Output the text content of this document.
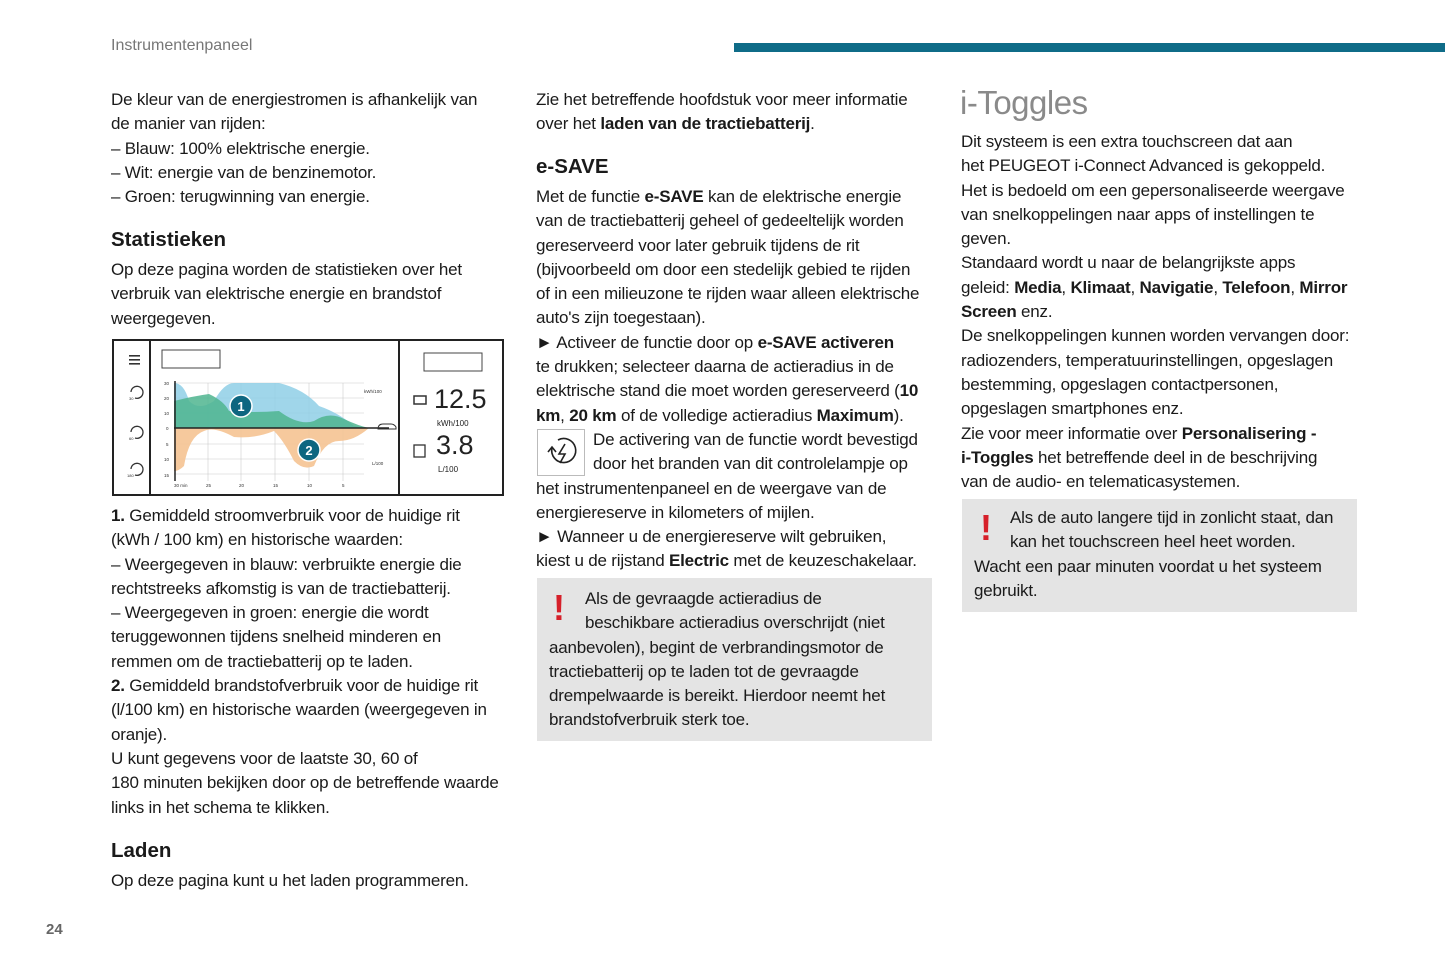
Instrumentenpaneel
24

De kleur van de energiestromen is afhankelijk van

de manier van rijden:

– Blauw: 100% elektrische energie.

– Wit: energie van de benzinemotor.

– Groen: terugwinning van energie.

Statistieken

Op deze pagina worden de statistieken over het

verbruik van elektrische energie en brandstof

weergegeven.

30
60
180
30
20
10
0
5
10
15
30 min	25	20	15	10	5
kWh/100
L/100
1
2
12.5
kWh/100
3.8
L/100

1. Gemiddeld stroomverbruik voor de huidige rit

(kWh / 100 km) en historische waarden:

– Weergegeven in blauw: verbruikte energie die

rechtstreeks afkomstig is van de tractiebatterij.

– Weergegeven in groen: energie die wordt

teruggewonnen tijdens snelheid minderen en

remmen om de tractiebatterij op te laden.

2. Gemiddeld brandstofverbruik voor de huidige rit

(l/100 km) en historische waarden (weergegeven in

oranje).

U kunt gegevens voor de laatste 30, 60 of

180 minuten bekijken door op de betreffende waarde

links in het schema te klikken.

Laden
Op deze pagina kunt u het laden programmeren.

Zie het betreffende hoofdstuk voor meer informatie

over het laden van de tractiebatterij.

e-SAVE

Met de functie e-SAVE kan de elektrische energie

van de tractiebatterij geheel of gedeeltelijk worden

gereserveerd voor later gebruik tijdens de rit

(bijvoorbeeld om door een stedelijk gebied te rijden

of in een milieuzone te rijden waar alleen elektrische

auto's zijn toegestaan).

► Activeer de functie door op e-SAVE activeren

te drukken; selecteer daarna de actieradius in de

elektrische stand die moet worden gereserveerd (10

km, 20 km of de volledige actieradius Maximum).

De activering van de functie wordt bevestigd

door het branden van dit controlelampje op

het instrumentenpaneel en de weergave van de

energiereserve in kilometers of mijlen.

► Wanneer u de energiereserve wilt gebruiken,

kiest u de rijstand Electric met de keuzeschakelaar.

!	Als de gevraagde actieradius de

beschikbare actieradius overschrijdt (niet

aanbevolen), begint de verbrandingsmotor de

tractiebatterij op te laden tot de gevraagde

drempelwaarde is bereikt. Hierdoor neemt het

brandstofverbruik sterk toe.

i-Toggles

Dit systeem is een extra touchscreen dat aan

het PEUGEOT i-Connect Advanced is gekoppeld.

Het is bedoeld om een gepersonaliseerde weergave

van snelkoppelingen naar apps of instellingen te

geven.

Standaard wordt u naar de belangrijkste apps

geleid: Media, Klimaat, Navigatie, Telefoon, Mirror

Screen enz.

De snelkoppelingen kunnen worden vervangen door:

radiozenders, temperatuurinstellingen, opgeslagen

bestemming, opgeslagen contactpersonen,

opgeslagen smartphones enz.

Zie voor meer informatie over Personalisering -

i-Toggles het betreffende deel in de beschrijving

van de audio- en telematicasystemen.

!	Als de auto langere tijd in zonlicht staat, dan

kan het touchscreen heel heet worden.

Wacht een paar minuten voordat u het systeem

gebruikt.
